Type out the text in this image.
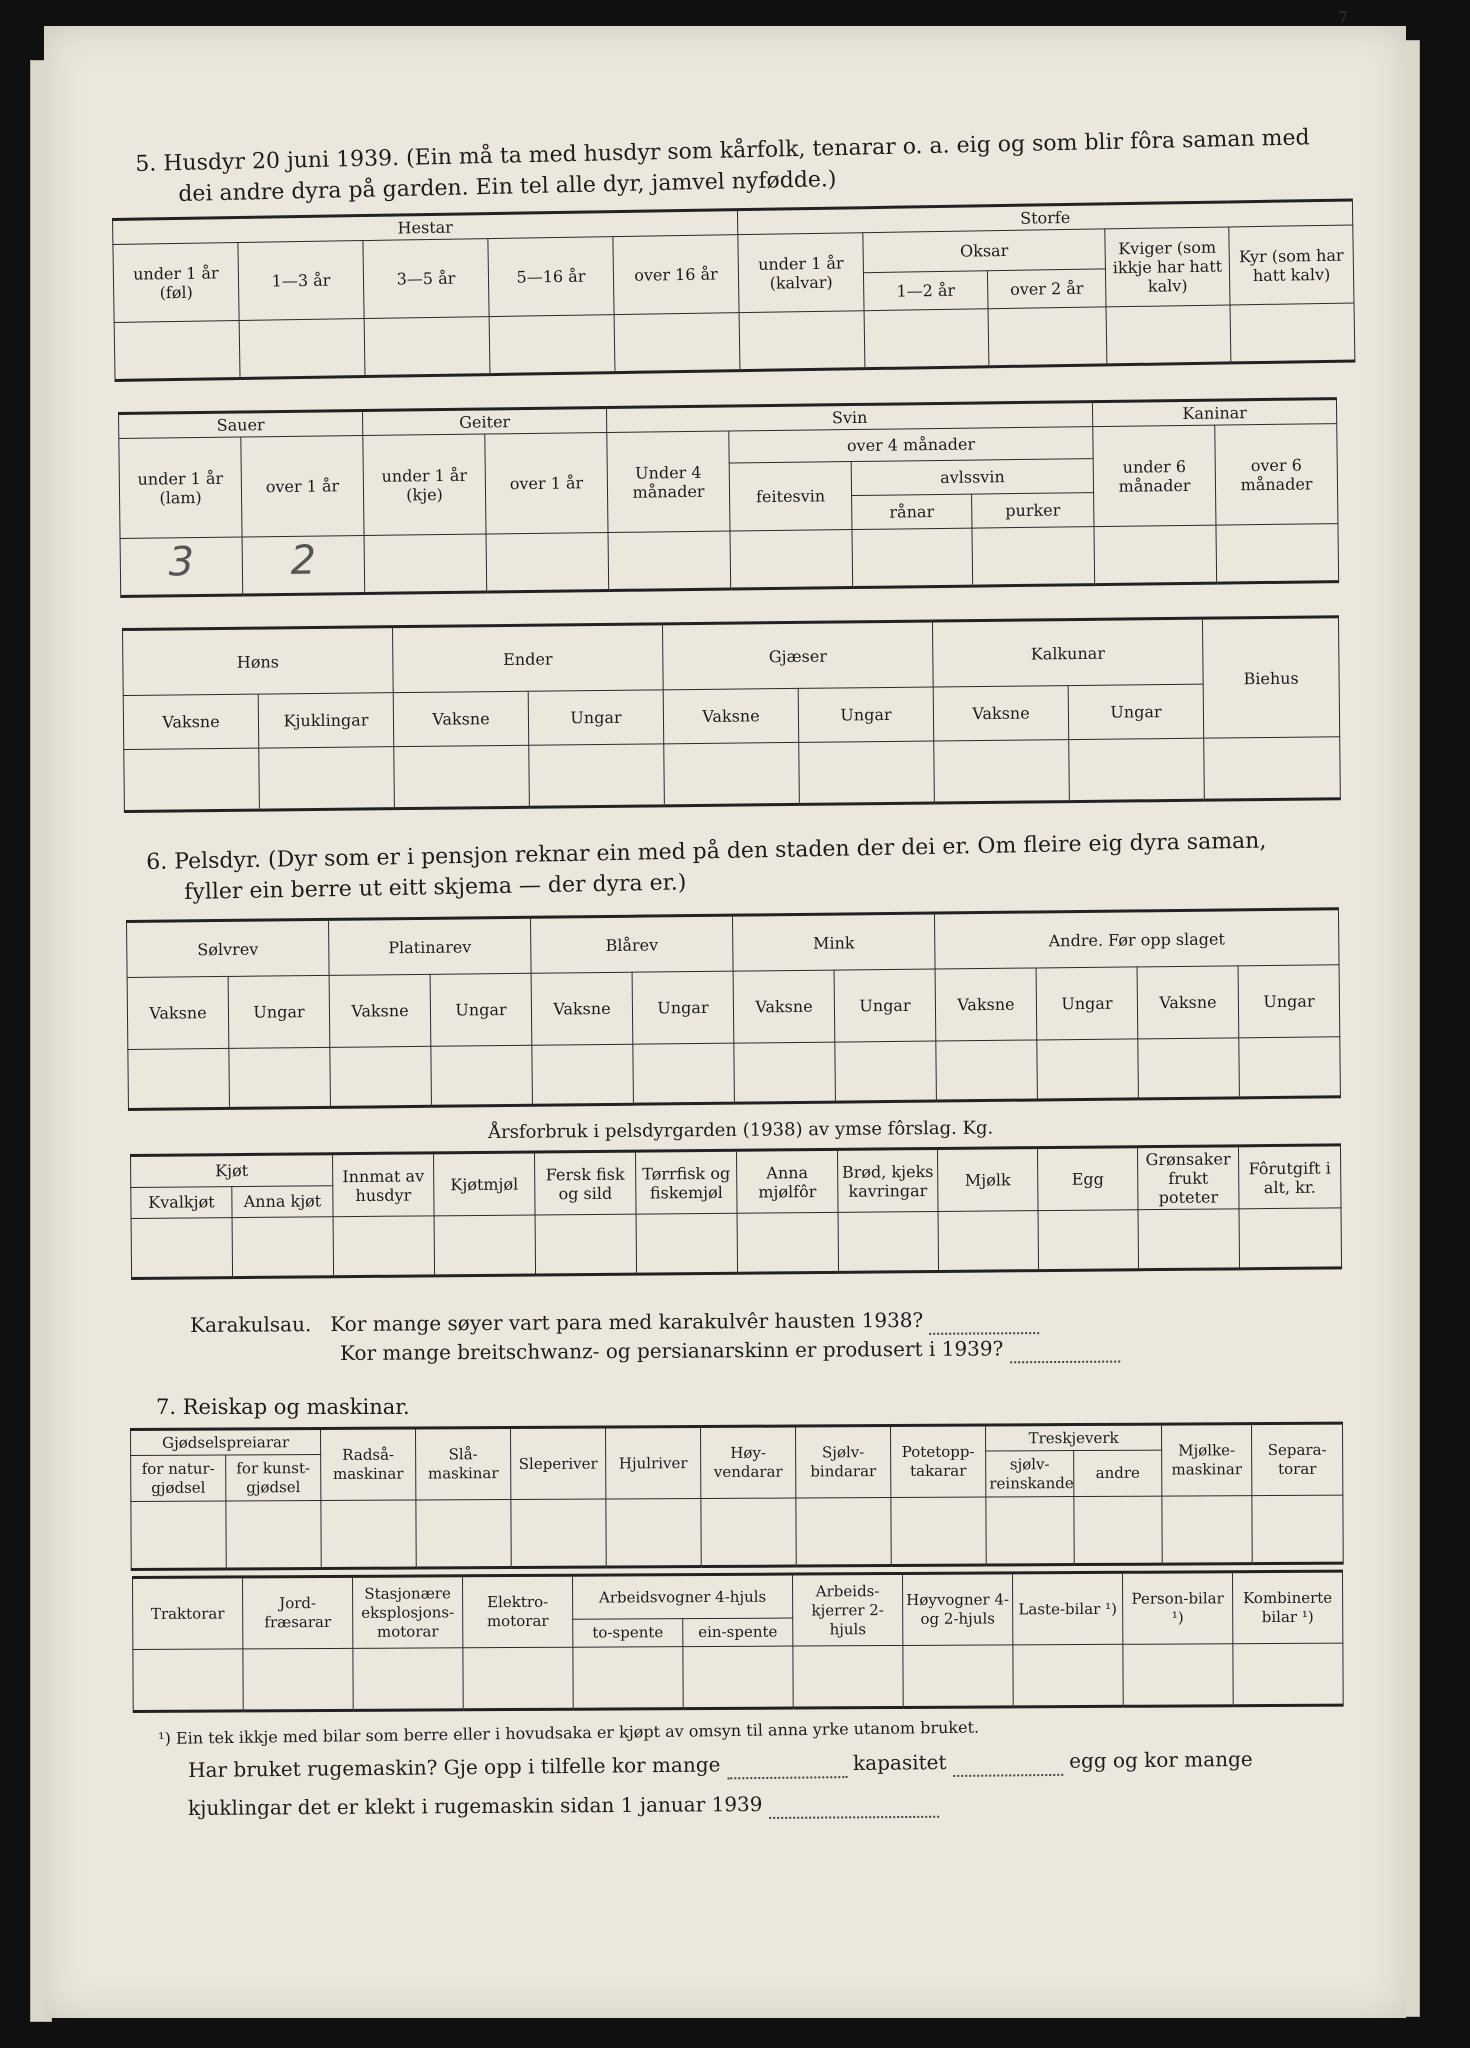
7
5. Husdyr 20 juni 1939. (Ein må ta med husdyr som kårfolk, tenarar o. a. eig og som blir fôra saman med
dei andre dyra på garden. Ein tel alle dyr, jamvel nyfødde.)
Hestar					Storfe				
under 1 år (føl)	1—3 år	3—5 år	5—16 år	over 16 år	under 1 år (kalvar)	Oksar		Kviger (som ikkje har hatt kalv)	Kyr (som har hatt kalv)
						1—2 år	over 2 år		

Sauer		Geiter		Svin				Kaninar	
under 1 år (lam)	over 1 år	under 1 år (kje)	over 1 år	Under 4 månader	over 4 månader			under 6 månader	over 6 månader
					feitesvin	avlssvin			
						rånar	purker		
3	2								
Høns		Ender		Gjæser		Kalkunar		Biehus
Vaksne	Kjuklingar	Vaksne	Ungar	Vaksne	Ungar	Vaksne	Ungar	

6. Pelsdyr. (Dyr som er i pensjon reknar ein med på den staden der dei er. Om fleire eig dyra saman,
fyller ein berre ut eitt skjema — der dyra er.)
Sølvrev		Platinarev		Blårev		Mink		Andre. Før opp slaget			
Vaksne	Ungar	Vaksne	Ungar	Vaksne	Ungar	Vaksne	Ungar	Vaksne	Ungar	Vaksne	Ungar

Årsforbruk i pelsdyrgarden (1938) av ymse fôrslag. Kg.
Kjøt		Innmat av husdyr	Kjøtmjøl	Fersk fisk og sild	Tørrfisk og fiskemjøl	Anna mjølfôr	Brød, kjeks kavringar	Mjølk	Egg	Grønsaker frukt poteter	Fôrutgift i alt, kr.
Kvalkjøt	Anna kjøt										

Karakulsau. Kor mange søyer vart para med karakulvêr hausten 1938?
Kor mange breitschwanz- og persianarskinn er produsert i 1939?
7. Reiskap og maskinar.
Gjødselspreiarar		Radså-maskinar	Slå-maskinar	Sleperiver	Hjulriver	Høy-vendarar	Sjølv-bindarar	Potetopp-takarar	Treskjeverk		Mjølke-maskinar	Separa-torar
for natur-gjødsel	for kunst-gjødsel								sjølv-reinskande	andre		

Traktorar	Jord-fræsarar	Stasjonære eksplosjons-motorar	Elektro-motorar	Arbeidsvogner 4-hjuls		Arbeids-kjerrer 2-hjuls	Høyvogner 4- og 2-hjuls	Laste-bilar ¹)	Person-bilar ¹)	Kombinerte bilar ¹)
				to-spente	ein-spente					

¹) Ein tek ikkje med bilar som berre eller i hovudsaka er kjøpt av omsyn til anna yrke utanom bruket.
Har bruket rugemaskin? Gje opp i tilfelle kor mange	kapasitet	egg og kor mange
kjuklingar det er klekt i rugemaskin sidan 1 januar 1939
